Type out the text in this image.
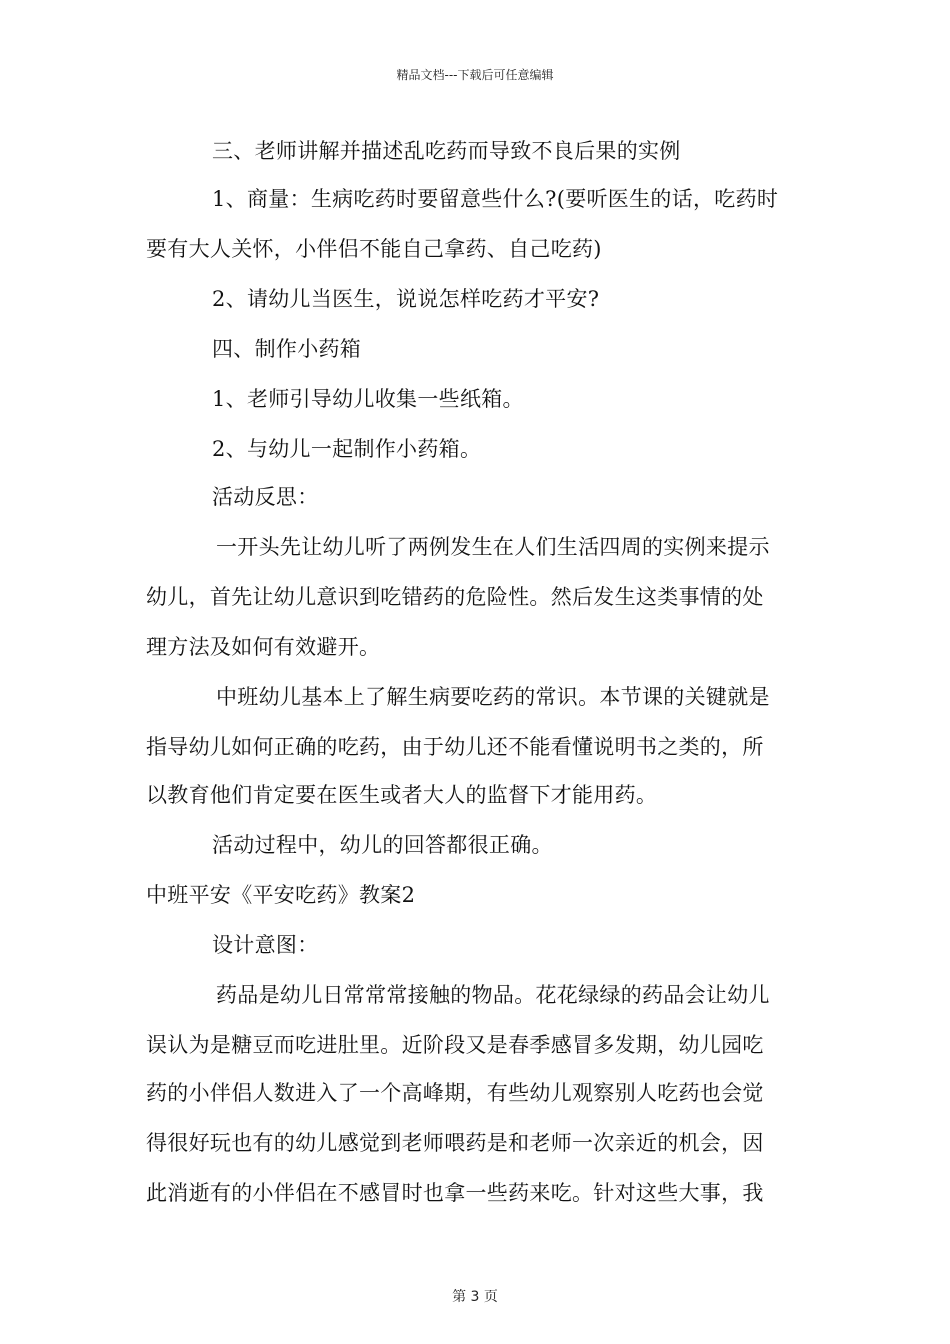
精品文档---下载后可任意编辑
三、老师讲解并描述乱吃药而导致不良后果的实例
1、商量：生病吃药时要留意些什么?(要听医生的话，吃药时
要有大人关怀，小伴侣不能自己拿药、自己吃药)
2、请幼儿当医生，说说怎样吃药才平安?
四、制作小药箱
1、老师引导幼儿收集一些纸箱。
2、与幼儿一起制作小药箱。
活动反思：
一开头先让幼儿听了两例发生在人们生活四周的实例来提示
幼儿，首先让幼儿意识到吃错药的危险性。然后发生这类事情的处
理方法及如何有效避开。
中班幼儿基本上了解生病要吃药的常识。本节课的关键就是
指导幼儿如何正确的吃药，由于幼儿还不能看懂说明书之类的，所
以教育他们肯定要在医生或者大人的监督下才能用药。
活动过程中，幼儿的回答都很正确。
中班平安《平安吃药》教案2
设计意图：
药品是幼儿日常常常接触的物品。花花绿绿的药品会让幼儿
误认为是糖豆而吃进肚里。近阶段又是春季感冒多发期，幼儿园吃
药的小伴侣人数进入了一个高峰期，有些幼儿观察别人吃药也会觉
得很好玩也有的幼儿感觉到老师喂药是和老师一次亲近的机会，因
此消逝有的小伴侣在不感冒时也拿一些药来吃。针对这些大事，我
第 3 页
